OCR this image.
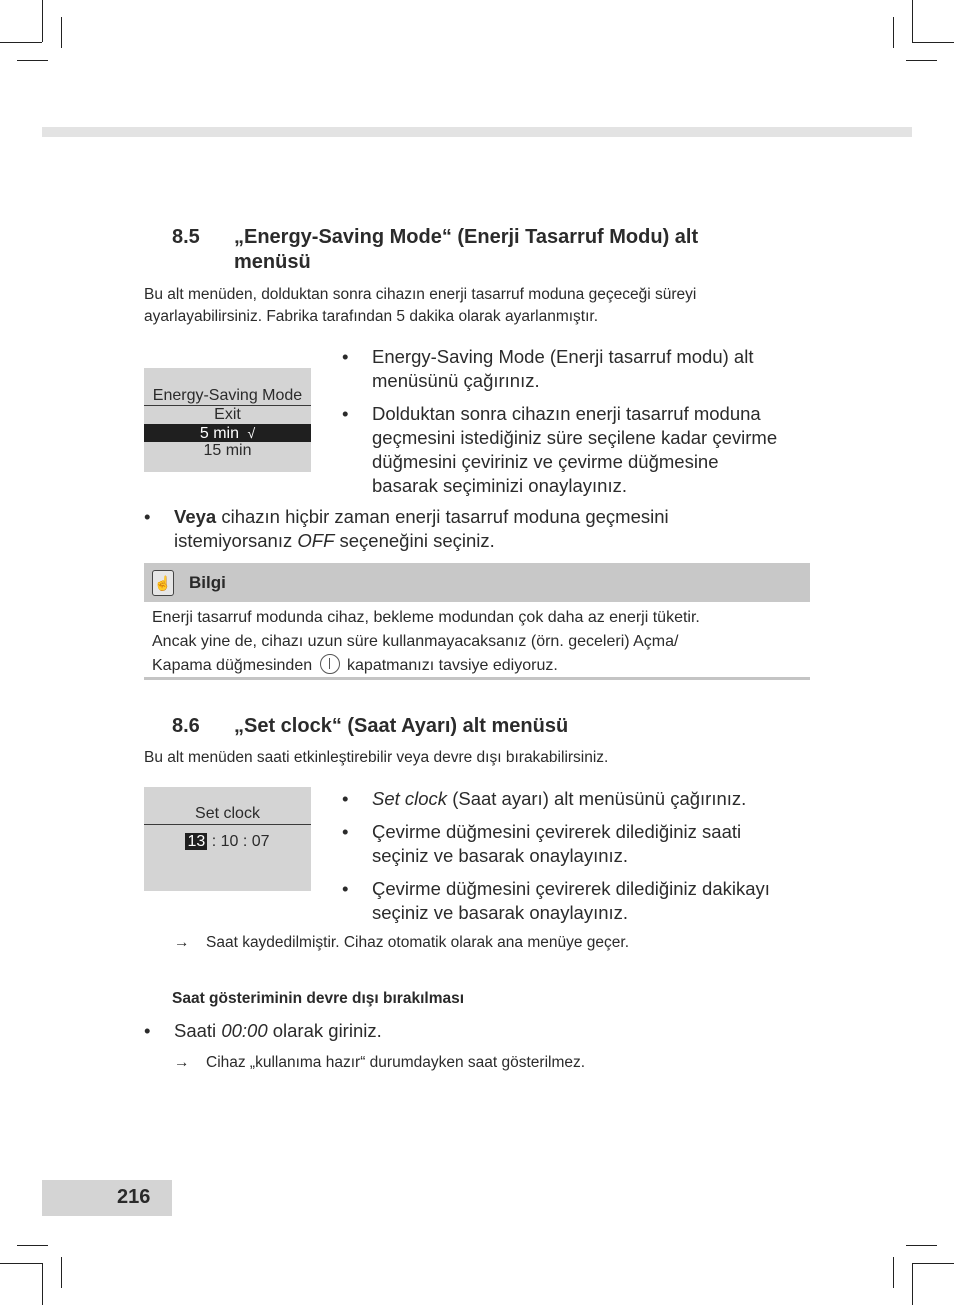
8.5 „Energy-Saving Mode“ (Enerji Tasarruf Modu) alt
menüsü
Bu alt menüden, dolduktan sonra cihazın enerji tasarruf moduna geçeceği süreyi
ayarlayabilirsiniz. Fabrika tarafından 5 dakika olarak ayarlanmıştır.
Energy-Saving Mode
Exit
5 min √
15 min
• Energy-Saving Mode (Enerji tasarruf modu) alt
menüsünü çağırınız.
• Dolduktan sonra cihazın enerji tasarruf moduna
geçmesini istediğiniz süre seçilene kadar çevirme
düğmesini çeviriniz ve çevirme düğmesine
basarak seçiminizi onaylayınız.
• Veya cihazın hiçbir zaman enerji tasarruf moduna geçmesini
istemiyorsanız OFF seçeneğini seçiniz.
☝ Bilgi
Enerji tasarruf modunda cihaz, bekleme modundan çok daha az enerji tüketir.
Ancak yine de, cihazı uzun süre kullanmayacaksanız (örn. geceleri) Açma/
Kapama düğmesinden kapatmanızı tavsiye ediyoruz.
8.6 „Set clock“ (Saat Ayarı) alt menüsü
Bu alt menüden saati etkinleştirebilir veya devre dışı bırakabilirsiniz.
Set clock
13 : 10 : 07
• Set clock (Saat ayarı) alt menüsünü çağırınız.
• Çevirme düğmesini çevirerek dilediğiniz saati
seçiniz ve basarak onaylayınız.
• Çevirme düğmesini çevirerek dilediğiniz dakikayı
seçiniz ve basarak onaylayınız.
→ Saat kaydedilmiştir. Cihaz otomatik olarak ana menüye geçer.
Saat gösteriminin devre dışı bırakılması
• Saati 00:00 olarak giriniz.
→ Cihaz „kullanıma hazır“ durumdayken saat gösterilmez.
216
